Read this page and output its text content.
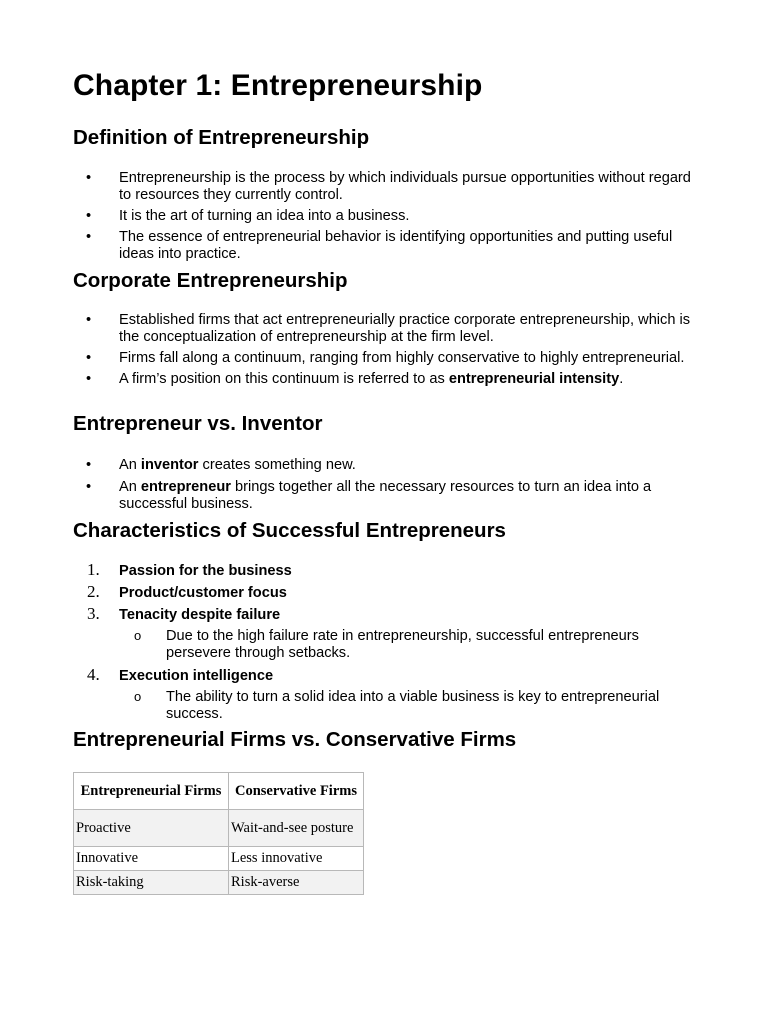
Chapter 1: Entrepreneurship
Definition of Entrepreneurship
•	Entrepreneurship is the process by which individuals pursue opportunities without regard to resources they currently control.
•	It is the art of turning an idea into a business.
•	The essence of entrepreneurial behavior is identifying opportunities and putting useful ideas into practice.
Corporate Entrepreneurship
•	Established firms that act entrepreneurially practice corporate entrepreneurship, which is the conceptualization of entrepreneurship at the firm level.
•	Firms fall along a continuum, ranging from highly conservative to highly entrepreneurial.
•	A firm’s position on this continuum is referred to as entrepreneurial intensity.
Entrepreneur vs. Inventor
•	An inventor creates something new.
•	An entrepreneur brings together all the necessary resources to turn an idea into a successful business.
Characteristics of Successful Entrepreneurs
1. Passion for the business
2. Product/customer focus
3. Tenacity despite failure
o Due to the high failure rate in entrepreneurship, successful entrepreneurs persevere through setbacks.
4. Execution intelligence
o The ability to turn a solid idea into a viable business is key to entrepreneurial success.
Entrepreneurial Firms vs. Conservative Firms
Entrepreneurial Firms	Conservative Firms
Proactive	Wait-and-see posture
Innovative	Less innovative
Risk-taking	Risk-averse
